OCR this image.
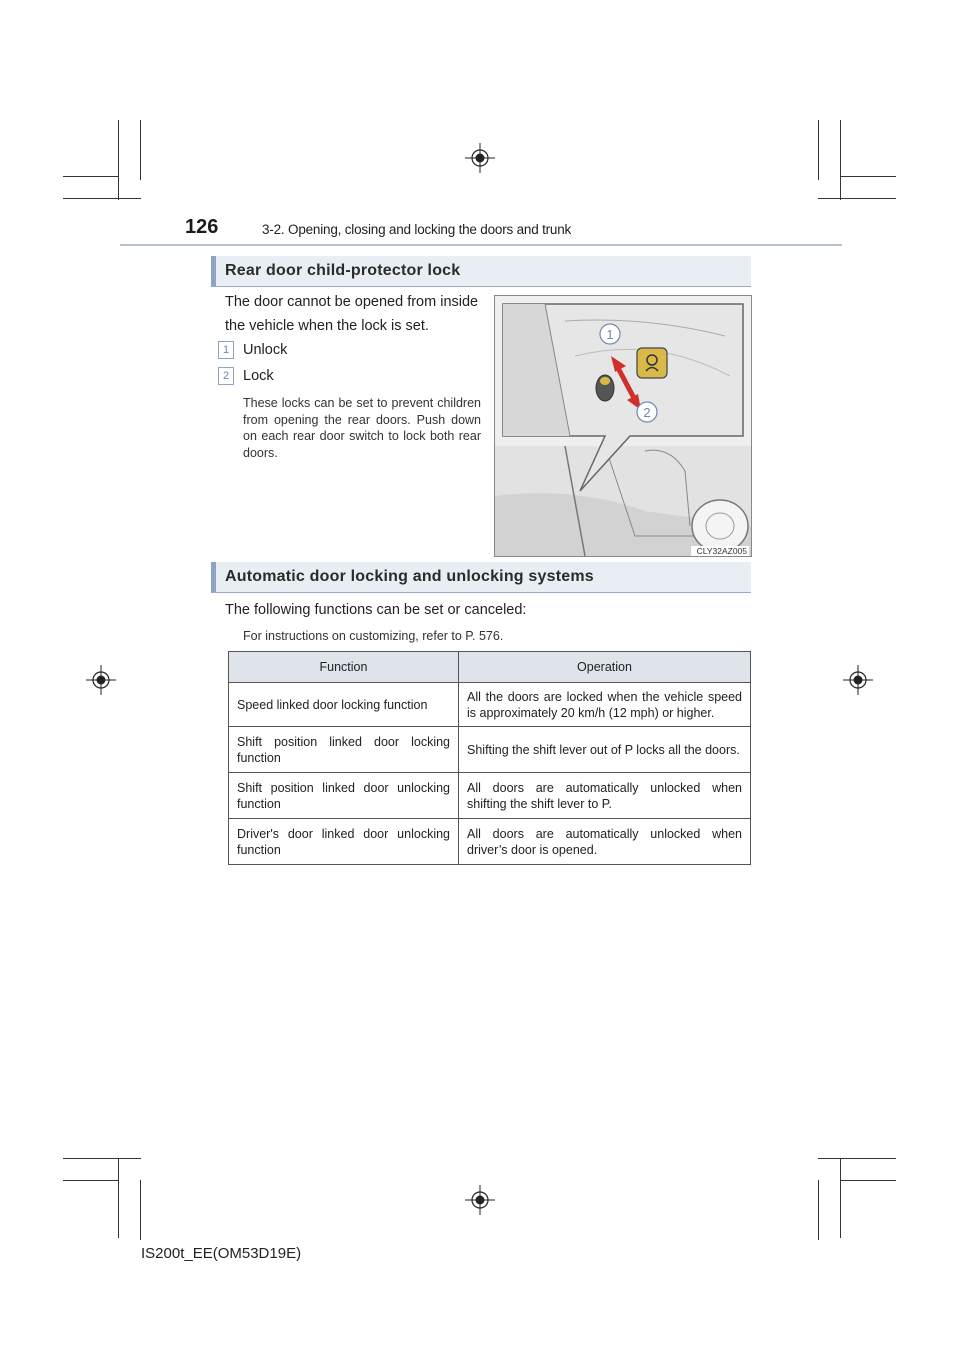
126	3-2. Opening, closing and locking the doors and trunk
Rear door child-protector lock
The door cannot be opened from inside
the vehicle when the lock is set.
1 Unlock
2 Lock
These locks can be set to prevent children from opening the rear doors. Push down on each rear door switch to lock both rear doors.
1
2
CLY32AZ005
Automatic door locking and unlocking systems
The following functions can be set or canceled:
For instructions on customizing, refer to P. 576.
Function	Operation
Speed linked door locking function	All the doors are locked when the vehicle speed is approximately 20 km/h (12 mph) or higher.
Shift position linked door locking function	Shifting the shift lever out of P locks all the doors.
Shift position linked door unlocking function	All doors are automatically unlocked when shifting the shift lever to P.
Driver's door linked door unlocking function	All doors are automatically unlocked when driver’s door is opened.
IS200t_EE(OM53D19E)
